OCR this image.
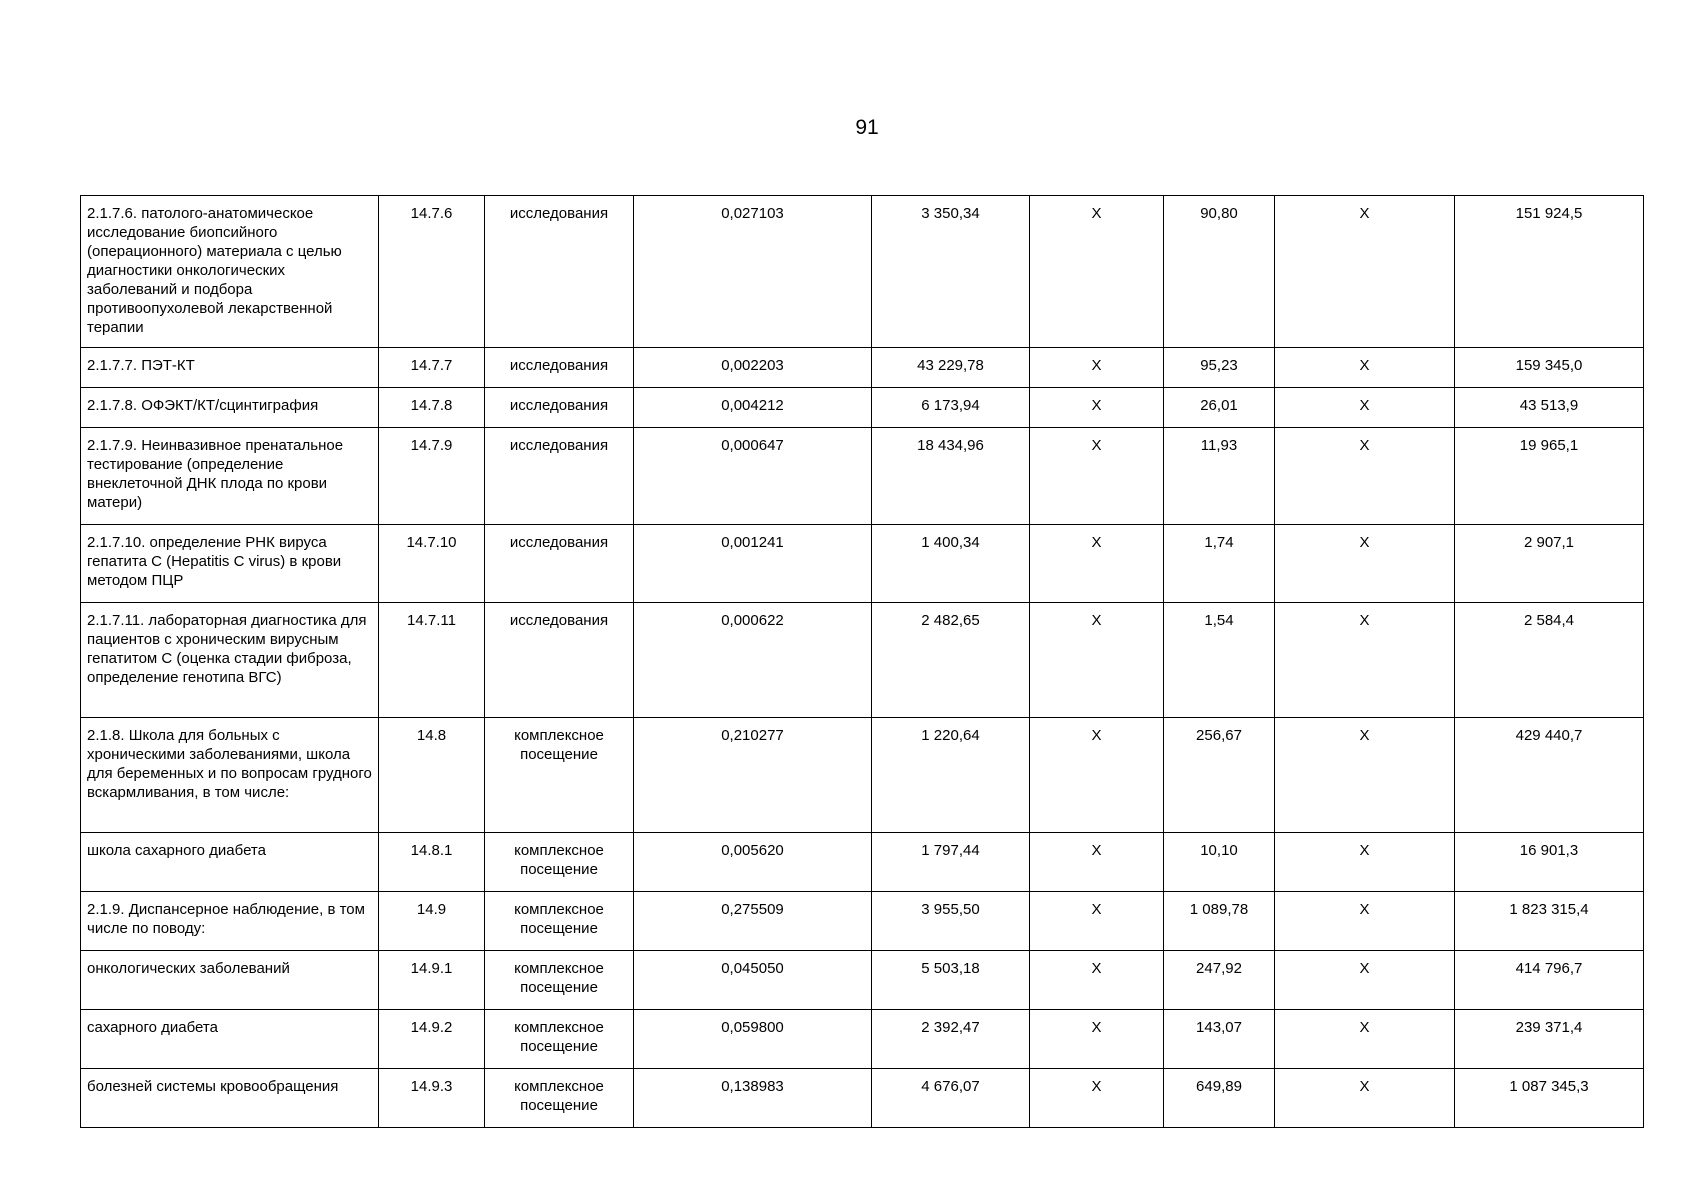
91
2.1.7.6. патолого-анатомическое исследование биопсийного (операционного) материала с целью диагностики онкологических заболеваний и подбора противоопухолевой лекарственной терапии	14.7.6	исследования	0,027103	3 350,34	Х	90,80	Х	151 924,5
2.1.7.7. ПЭТ-КТ	14.7.7	исследования	0,002203	43 229,78	Х	95,23	Х	159 345,0
2.1.7.8. ОФЭКТ/КТ/сцинтиграфия	14.7.8	исследования	0,004212	6 173,94	Х	26,01	Х	43 513,9
2.1.7.9. Неинвазивное пренатальное тестирование (определение внеклеточной ДНК плода по крови матери)	14.7.9	исследования	0,000647	18 434,96	Х	11,93	Х	19 965,1
2.1.7.10. определение РНК вируса гепатита С (Hepatitis C virus) в крови методом ПЦР	14.7.10	исследования	0,001241	1 400,34	Х	1,74	Х	2 907,1
2.1.7.11. лабораторная диагностика для пациентов с хроническим вирусным гепатитом С (оценка стадии фиброза, определение генотипа ВГС)	14.7.11	исследования	0,000622	2 482,65	Х	1,54	Х	2 584,4
2.1.8. Школа для больных с хроническими заболеваниями, школа для беременных и по вопросам грудного вскармливания, в том числе:	14.8	комплексное посещение	0,210277	1 220,64	Х	256,67	Х	429 440,7
школа сахарного диабета	14.8.1	комплексное посещение	0,005620	1 797,44	Х	10,10	Х	16 901,3
2.1.9. Диспансерное наблюдение, в том числе по поводу:	14.9	комплексное посещение	0,275509	3 955,50	Х	1 089,78	Х	1 823 315,4
онкологических заболеваний	14.9.1	комплексное посещение	0,045050	5 503,18	Х	247,92	Х	414 796,7
сахарного диабета	14.9.2	комплексное посещение	0,059800	2 392,47	Х	143,07	Х	239 371,4
болезней системы кровообращения	14.9.3	комплексное посещение	0,138983	4 676,07	Х	649,89	Х	1 087 345,3
